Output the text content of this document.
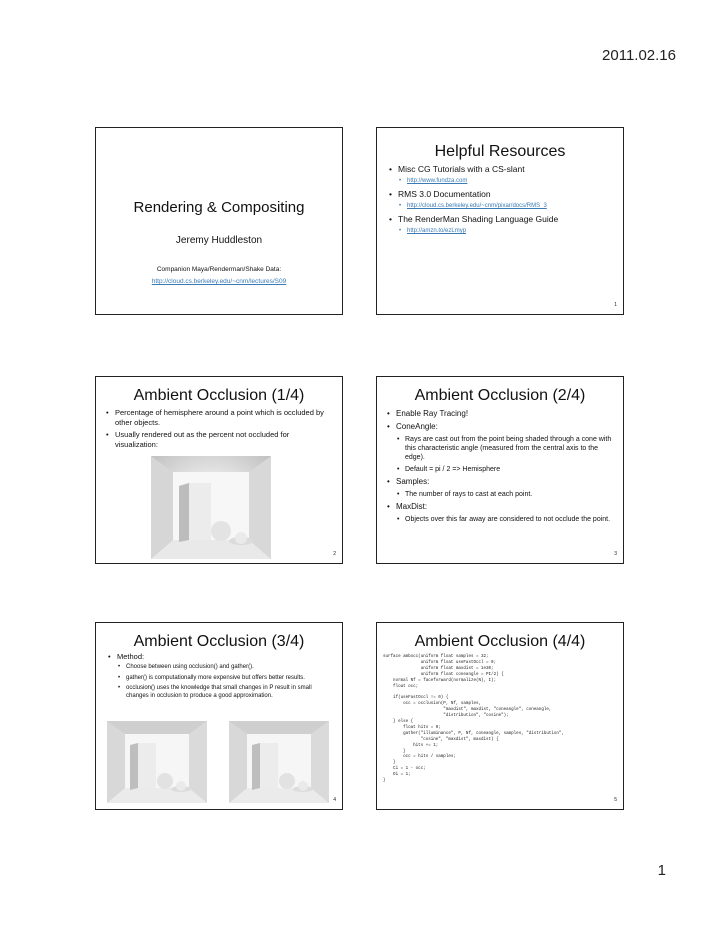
2011.02.16
Rendering & Compositing
Jeremy Huddleston
Companion Maya/Renderman/Shake Data:
http://cloud.cs.berkeley.edu/~cnm/lectures/S09
Helpful Resources
• Misc CG Tutorials with a CS-slant
• http://www.fundza.com
• RMS 3.0 Documentation
• http://cloud.cs.berkeley.edu/~cnm/pixar/docs/RMS_3
• The RenderMan Shading Language Guide
• http://amzn.to/ezLmyp
1
Ambient Occlusion (1/4)
• Percentage of hemisphere around a point which is occluded by other objects.
• Usually rendered out as the percent not occluded for visualization:
2
Ambient Occlusion (2/4)
• Enable Ray Tracing!
• ConeAngle:
• Rays are cast out from the point being shaded through a cone with this characteristic angle (measured from the central axis to the edge).
• Default = pi / 2 => Hemisphere
• Samples:
• The number of rays to cast at each point.
• MaxDist:
• Objects over this far away are considered to not occlude the point.
3
Ambient Occlusion (3/4)
• Method:
• Choose between using occlusion() and gather().
• gather() is computationally more expensive but offers better results.
• occlusion() uses the knowledge that small changes in P result in small changes in occlusion to produce a good approximation.
4
Ambient Occlusion (4/4)
surface ambocc(uniform float samples = 32;
uniform float useFastOccl = 0;
uniform float maxdist = 1e30;
uniform float coneangle = PI/2) {
normal Nf = faceforward(normalize(N), I);
float occ;

if(useFastOccl != 0) {
occ = occlusion(P, Nf, samples,
"maxdist", maxdist, "coneangle", coneangle,
"distribution", "cosine");
} else {
float hits = 0;
gather("illuminance", P, Nf, coneangle, samples, "distribution",
"cosine", "maxdist", maxdist) {
hits += 1;
}
occ = hits / samples;
}
Ci = 1 - occ;
Oi = 1;
}
5
1
